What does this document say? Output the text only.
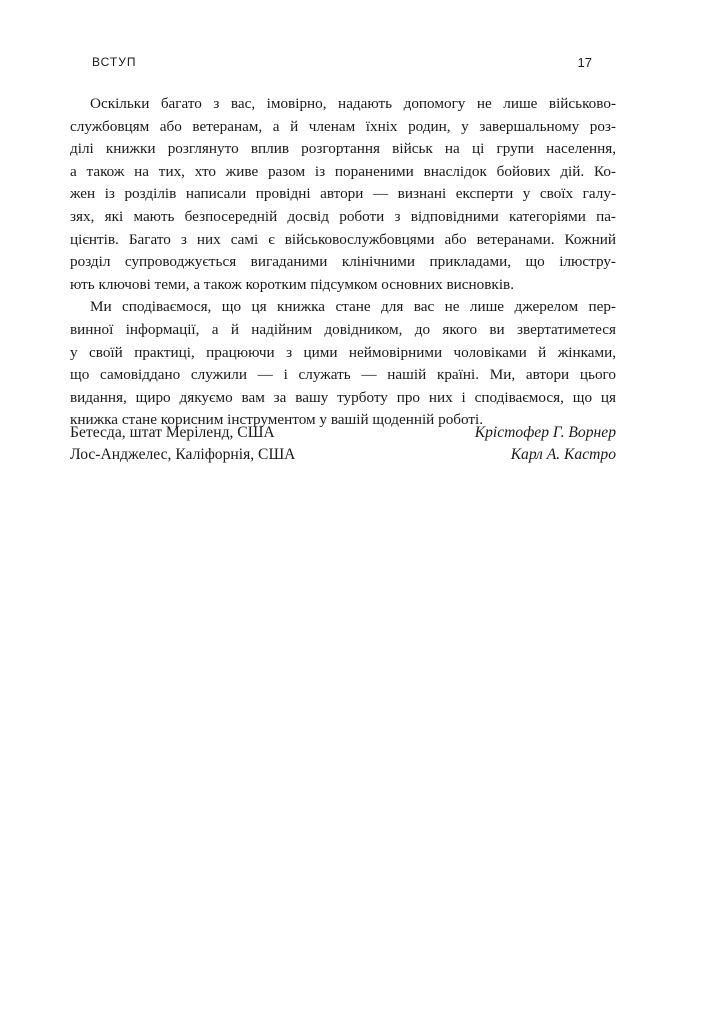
ВСТУП	17
Оскільки багато з вас, імовірно, надають допомогу не лише військово-
службовцям або ветеранам, а й членам їхніх родин, у завершальному роз-
ділі книжки розглянуто вплив розгортання військ на ці групи населення,
а також на тих, хто живе разом із пораненими внаслідок бойових дій. Ко-
жен із розділів написали провідні автори — визнані експерти у своїх галу-
зях, які мають безпосередній досвід роботи з відповідними категоріями па-
цієнтів. Багато з них самі є військовослужбовцями або ветеранами. Кожний
розділ супроводжується вигаданими клінічними прикладами, що ілюстру-
ють ключові теми, а також коротким підсумком основних висновків.
Ми сподіваємося, що ця книжка стане для вас не лише джерелом пер-
винної інформації, а й надійним довідником, до якого ви звертатиметеся
у своїй практиці, працюючи з цими неймовірними чоловіками й жінками,
що самовіддано служили — і служать — нашій країні. Ми, автори цього
видання, щиро дякуємо вам за вашу турботу про них і сподіваємося, що ця
книжка стане корисним інструментом у вашій щоденній роботі.
Бетесда, штат Меріленд, США	Крістофер Г. Ворнер
Лос-Анджелес, Каліфорнія, США	Карл А. Кастро
